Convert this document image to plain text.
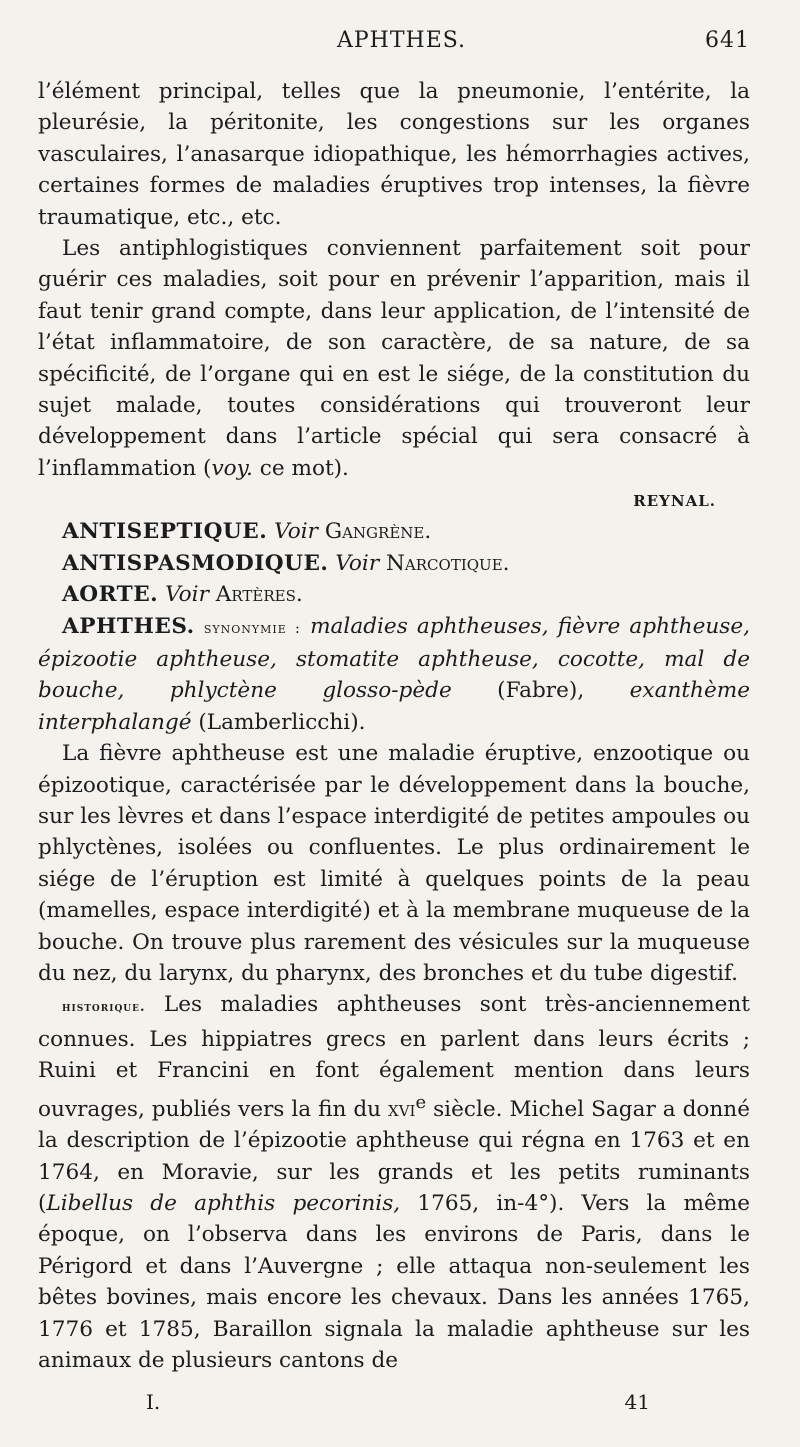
APHTHES.	641

l’élément principal, telles que la pneumonie, l’entérite, la pleurésie, la péritonite, les congestions sur les organes vasculaires, l’anasarque idiopathique, les hémorrhagies actives, certaines formes de maladies éruptives trop intenses, la fièvre traumatique, etc., etc.

Les antiphlogistiques conviennent parfaitement soit pour guérir ces maladies, soit pour en prévenir l’apparition, mais il faut tenir grand compte, dans leur application, de l’intensité de l’état inflammatoire, de son caractère, de sa nature, de sa spécificité, de l’organe qui en est le siége, de la constitution du sujet malade, toutes considérations qui trouveront leur développement dans l’article spécial qui sera consacré à l’inflammation (voy. ce mot).

REYNAL.

ANTISEPTIQUE. Voir Gangrène.

ANTISPASMODIQUE. Voir Narcotique.

AORTE. Voir Artères.

APHTHES. synonymie : maladies aphtheuses, fièvre aphtheuse, épizootie aphtheuse, stomatite aphtheuse, cocotte, mal de bouche, phlyctène glosso-pède (Fabre), exanthème interphalangé (Lamberlicchi).

La fièvre aphtheuse est une maladie éruptive, enzootique ou épizootique, caractérisée par le développement dans la bouche, sur les lèvres et dans l’espace interdigité de petites ampoules ou phlyctènes, isolées ou confluentes. Le plus ordinairement le siége de l’éruption est limité à quelques points de la peau (mamelles, espace interdigité) et à la membrane muqueuse de la bouche. On trouve plus rarement des vésicules sur la muqueuse du nez, du larynx, du pharynx, des bronches et du tube digestif.

historique. Les maladies aphtheuses sont très-anciennement connues. Les hippiatres grecs en parlent dans leurs écrits ; Ruini et Francini en font également mention dans leurs ouvrages, publiés vers la fin du xvi$^e$ siècle. Michel Sagar a donné la description de l’épizootie aphtheuse qui régna en 1763 et en 1764, en Moravie, sur les grands et les petits ruminants (Libellus de aphthis pecorinis, 1765, in-4°). Vers la même époque, on l’observa dans les environs de Paris, dans le Périgord et dans l’Auvergne ; elle attaqua non-seulement les bêtes bovines, mais encore les chevaux. Dans les années 1765, 1776 et 1785, Baraillon signala la maladie aphtheuse sur les animaux de plusieurs cantons de

I.	41
